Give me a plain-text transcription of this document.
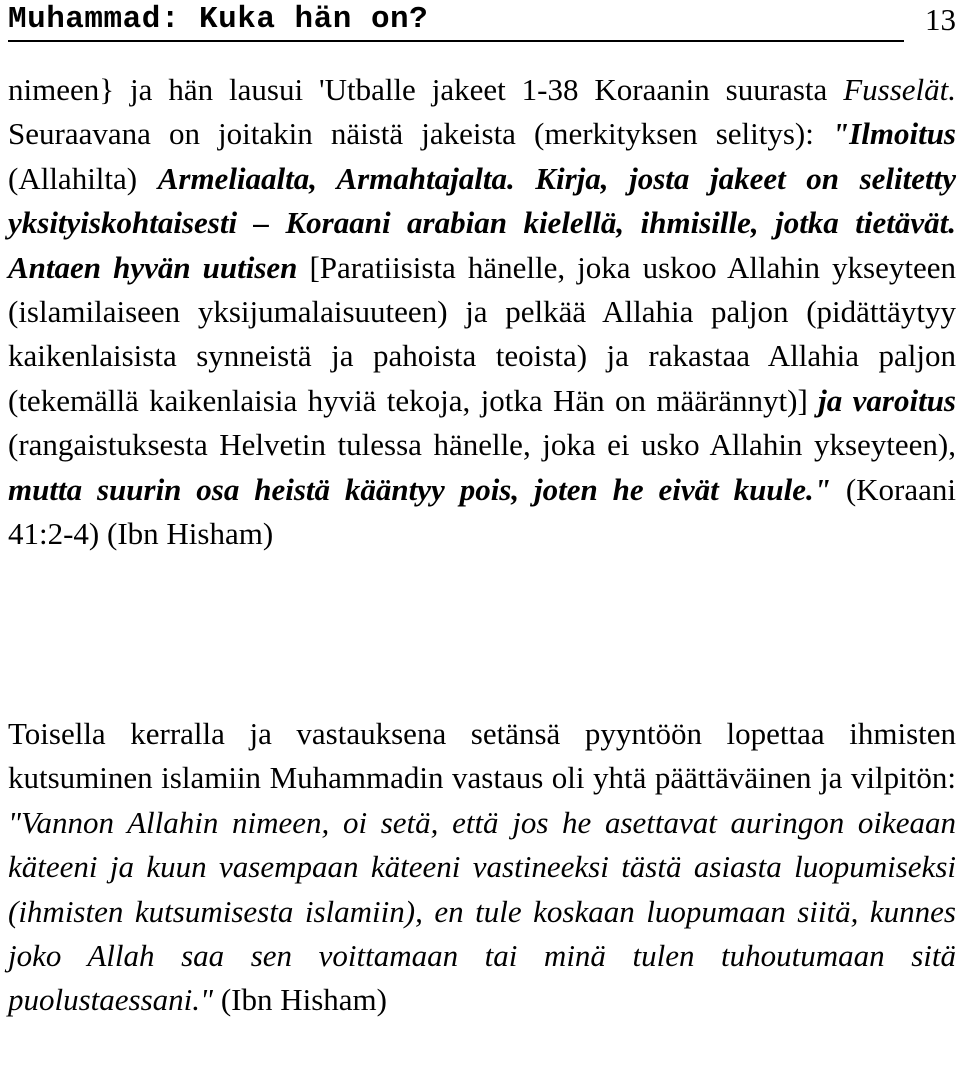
Muhammad: Kuka hän on?	13

nimeen} ja hän lausui 'Utballe jakeet 1-38 Koraanin suurasta Fusselät. Seuraavana on joitakin näistä jakeista (merkityksen selitys): "Ilmoitus (Allahilta) Armeliaalta, Armahtajalta. Kirja, josta jakeet on selitetty yksityiskohtaisesti – Koraani arabian kielellä, ihmisille, jotka tietävät. Antaen hyvän uutisen [Paratiisista hänelle, joka uskoo Allahin ykseyteen (islamilaiseen yksijumalaisuuteen) ja pelkää Allahia paljon (pidättäytyy kaikenlaisista synneistä ja pahoista teoista) ja rakastaa Allahia paljon (tekemällä kaikenlaisia hyviä tekoja, jotka Hän on määrännyt)] ja varoitus (rangaistuksesta Helvetin tulessa hänelle, joka ei usko Allahin ykseyteen), mutta suurin osa heistä kääntyy pois, joten he eivät kuule." (Koraani 41:2-4) (Ibn Hisham)

Toisella kerralla ja vastauksena setänsä pyyntöön lopettaa ihmisten kutsuminen islamiin Muhammadin vastaus oli yhtä päättäväinen ja vilpitön: "Vannon Allahin nimeen, oi setä, että jos he asettavat auringon oikeaan käteeni ja kuun vasempaan käteeni vastineeksi tästä asiasta luopumiseksi (ihmisten kutsumisesta islamiin), en tule koskaan luopumaan siitä, kunnes joko Allah saa sen voittamaan tai minä tulen tuhoutumaan sitä puolustaessani." (Ibn Hisham)
